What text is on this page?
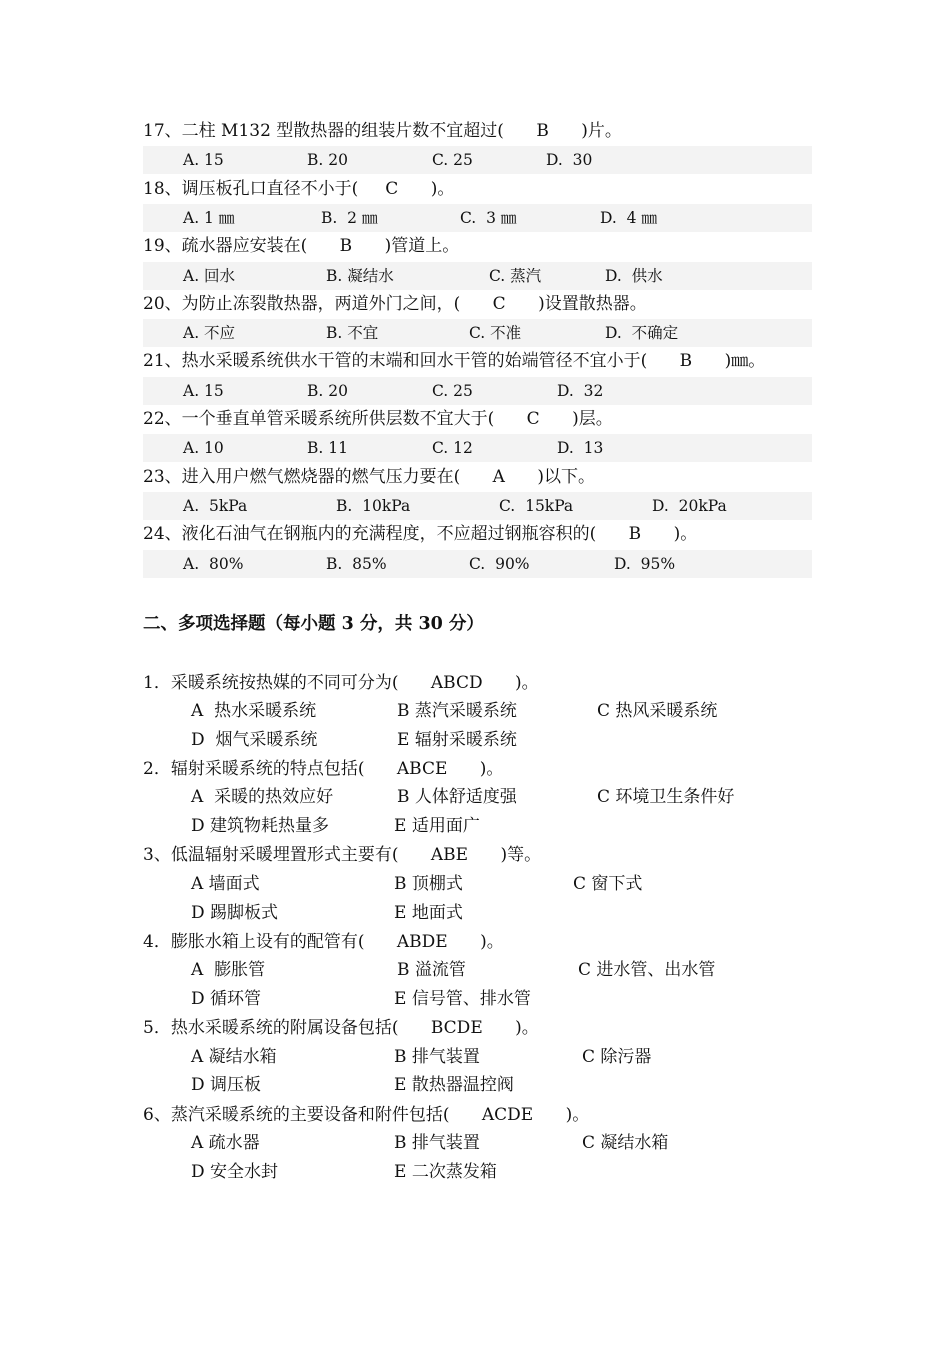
17、二柱 M132 型散热器的组装片数不宜超过(      B      )片。

A. 15

	B. 20

	C. 25

	D.  30

18、调压板孔口直径不小于(     C      )。

A. 1 ㎜

	B.  2 ㎜

	C.  3 ㎜

	D.  4 ㎜

19、疏水器应安装在(      B      )管道上。

A. 回水

	B. 凝结水

	C. 蒸汽

	D.  供水

20、为防止冻裂散热器，两道外门之间，(      C      )设置散热器。

A. 不应

	B. 不宜

	C. 不准

	D.  不确定

21、热水采暖系统供水干管的末端和回水干管的始端管径不宜小于(      B      )㎜。

A. 15

	B. 20

	C. 25

	D.  32

22、一个垂直单管采暖系统所供层数不宜大于(      C      )层。

A. 10

	B. 11

	C. 12

	D.  13

23、进入用户燃气燃烧器的燃气压力要在(      A      )以下。

A.  5kPa

	B.  10kPa

	C.  15kPa

	D.  20kPa

24、液化石油气在钢瓶内的充满程度，不应超过钢瓶容积的(      B      )。

A.  80%

	B.  85%

	C.  90%

	D.  95%

二、多项选择题（每小题 3 分，共 30 分）
1．采暖系统按热媒的不同可分为(      ABCD      )。

A  热水采暖系统

	B 蒸汽采暖系统

	C 热风采暖系统

D  烟气采暖系统

	E 辐射采暖系统

2．辐射采暖系统的特点包括(      ABCE      )。

A  采暖的热效应好

	B 人体舒适度强

	C 环境卫生条件好

D 建筑物耗热量多

	E 适用面广

3、低温辐射采暖埋置形式主要有(      ABE      )等。

A 墙面式

	B 顶棚式

	C 窗下式

D 踢脚板式

	E 地面式

4．膨胀水箱上设有的配管有(      ABDE      )。

A  膨胀管

	B 溢流管

	C 进水管、出水管

D 循环管

	E 信号管、排水管

5．热水采暖系统的附属设备包括(      BCDE      )。

A 凝结水箱

	B 排气装置

	C 除污器

D 调压板

	E 散热器温控阀

6、蒸汽采暖系统的主要设备和附件包括(      ACDE      )。

A 疏水器

	B 排气装置

	C 凝结水箱

D 安全水封

	E 二次蒸发箱
